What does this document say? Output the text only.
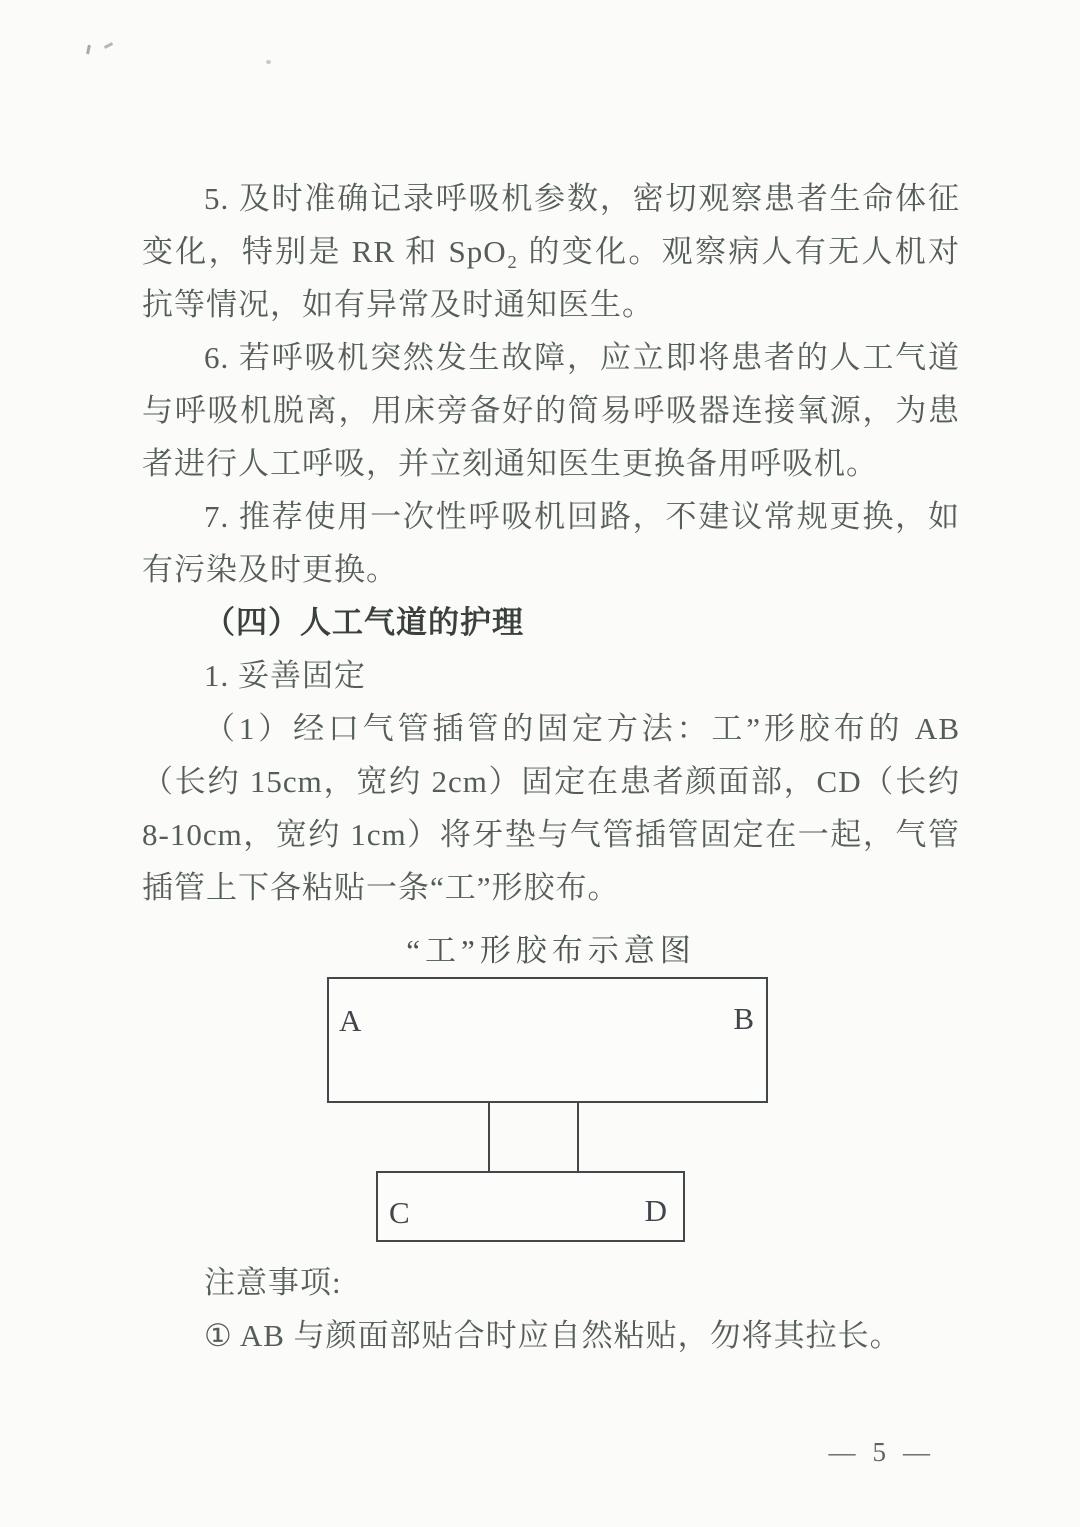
5. 及时准确记录呼吸机参数，密切观察患者生命体征变化，特别是 RR 和 SpO₂ 的变化。观察病人有无人机对抗等情况，如有异常及时通知医生。

6. 若呼吸机突然发生故障，应立即将患者的人工气道与呼吸机脱离，用床旁备好的简易呼吸器连接氧源，为患者进行人工呼吸，并立刻通知医生更换备用呼吸机。

7. 推荐使用一次性呼吸机回路，不建议常规更换，如有污染及时更换。

（四）人工气道的护理

1. 妥善固定

（1）经口气管插管的固定方法：工”形胶布的 AB（长约 15cm，宽约 2cm）固定在患者颜面部，CD（长约 8-10cm，宽约 1cm）将牙垫与气管插管固定在一起，气管插管上下各粘贴一条“工”形胶布。

“工”形胶布示意图
A	B
C	D

注意事项:

① AB 与颜面部贴合时应自然粘贴，勿将其拉长。

— 5 —
